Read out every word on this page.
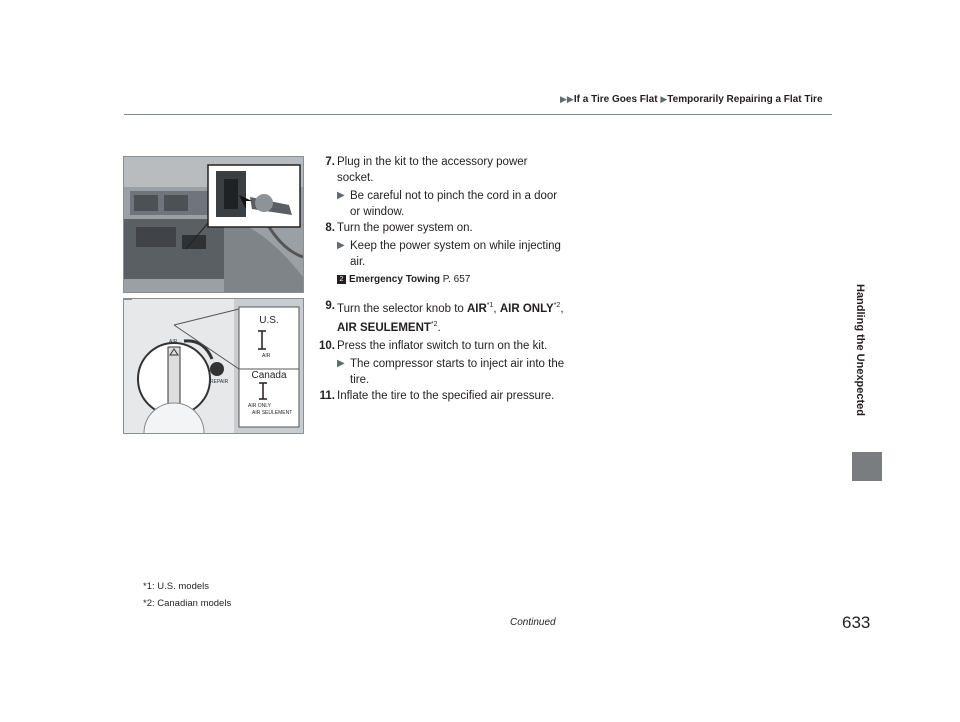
▶▶If a Tire Goes Flat ▶Temporarily Repairing a Flat Tire
Handling the Unexpected
REPAIR
AIR
U.S.
AIR
Canada
AIR ONLY
AIR SEULEMENT
7. Plug in the kit to the accessory power socket.
▶ Be careful not to pinch the cord in a door or window.
8. Turn the power system on.
▶ Keep the power system on while injecting air.
2 Emergency Towing P. 657
9. Turn the selector knob to AIR$^{*1}$, AIR ONLY$^{*2}$, AIR SEULEMENT$^{*2}$.
10. Press the inflator switch to turn on the kit.
▶ The compressor starts to inject air into the tire.
11. Inflate the tire to the specified air pressure.
*1: U.S. models
*2: Canadian models
Continued	633
